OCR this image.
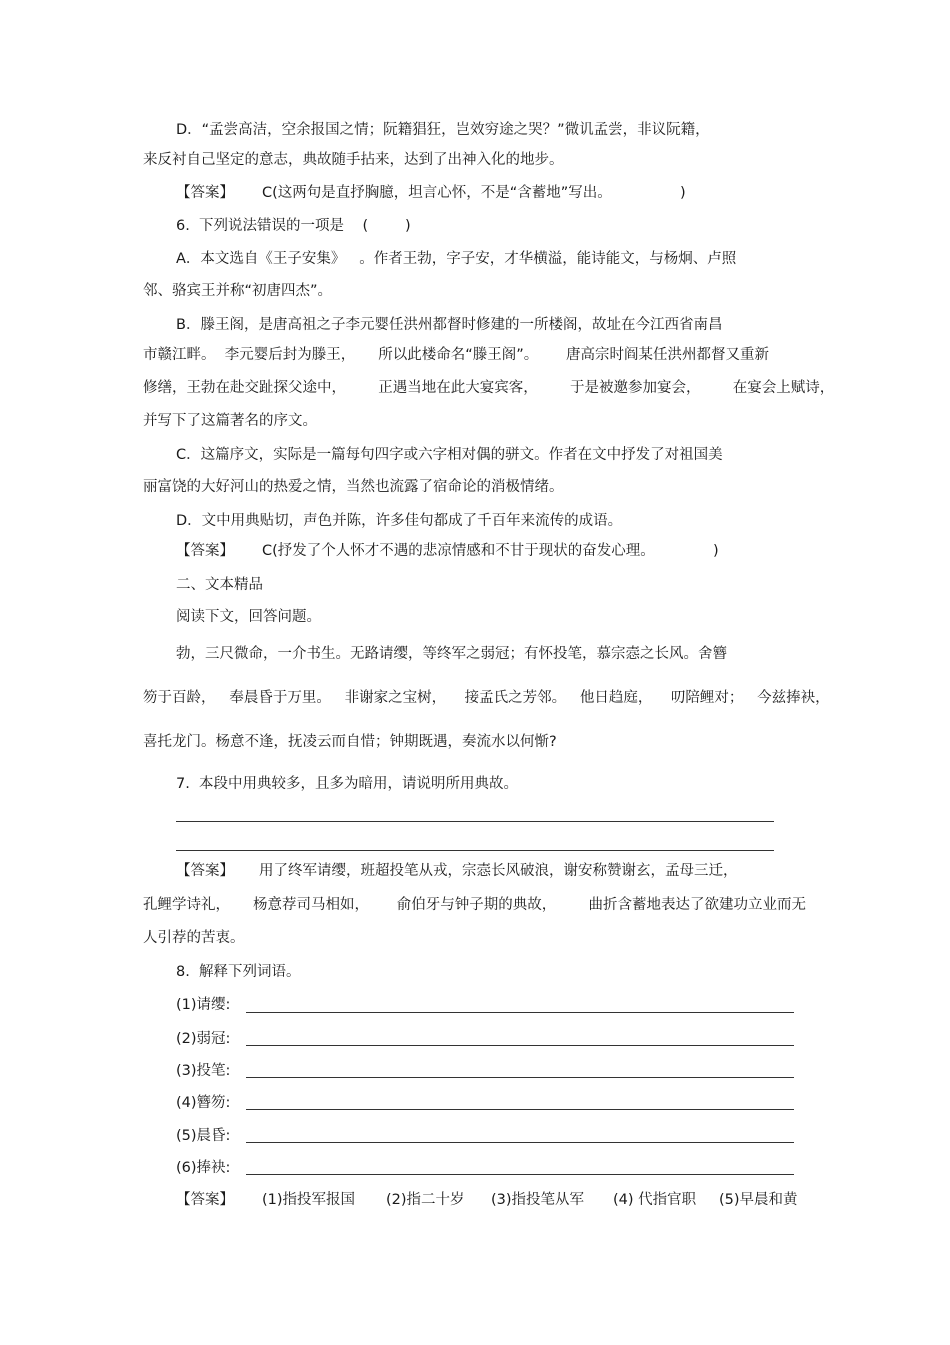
D．“孟尝高洁，空余报国之情；阮籍猖狂，岂效穷途之哭？”微讥孟尝，非议阮籍，
来反衬自己坚定的意志，典故随手拈来，达到了出神入化的地步。
【答案】 C(这两句是直抒胸臆，坦言心怀，不是“含蓄地”写出。	)
6.  下列说法错误的一项是    (        )
A．本文选自《王子安集》   。作者王勃，字子安，才华横溢，能诗能文，与杨炯、卢照
邻、骆宾王并称“初唐四杰”。
B．滕王阁，是唐高祖之子李元婴任洪州都督时修建的一所楼阁，故址在今江西省南昌
市赣江畔。  李元婴后封为滕王，     所以此楼命名“滕王阁”。      唐高宗时阎某任洪州都督又重新
修缮，王勃在赴交趾探父途中，       正遇当地在此大宴宾客，       于是被邀参加宴会，       在宴会上赋诗，
并写下了这篇著名的序文。
C．这篇序文，实际是一篇每句四字或六字相对偶的骈文。作者在文中抒发了对祖国美
丽富饶的大好河山的热爱之情，当然也流露了宿命论的消极情绪。
D．文中用典贴切，声色并陈，许多佳句都成了千百年来流传的成语。
【答案】 C(抒发了个人怀才不遇的悲凉情感和不甘于现状的奋发心理。	)
二、文本精品
阅读下文，回答问题。
勃，三尺微命，一介书生。无路请缨，等终军之弱冠；有怀投笔，慕宗悫之长风。舍簪
笏于百龄，   奉晨昏于万里。   非谢家之宝树，    接孟氏之芳邻。   他日趋庭，    叨陪鲤对；   今兹捧袂，
喜托龙门。杨意不逢，抚凌云而自惜；钟期既遇，奏流水以何惭?
7.  本段中用典较多，且多为暗用，请说明所用典故。
【答案】 用了终军请缨，班超投笔从戎，宗悫长风破浪，谢安称赞谢玄，孟母三迁，
孔鲤学诗礼，     杨意荐司马相如，      俞伯牙与钟子期的典故，       曲折含蓄地表达了欲建功立业而无
人引荐的苦衷。
8.  解释下列词语。
(1)请缨:
(2)弱冠:
(3)投笔:
(4)簪笏:
(5)晨昏:
(6)捧袂:
【答案】 (1)指投军报国 (2)指二十岁 (3)指投笔从军 (4) 代指官职 (5)早晨和黄
